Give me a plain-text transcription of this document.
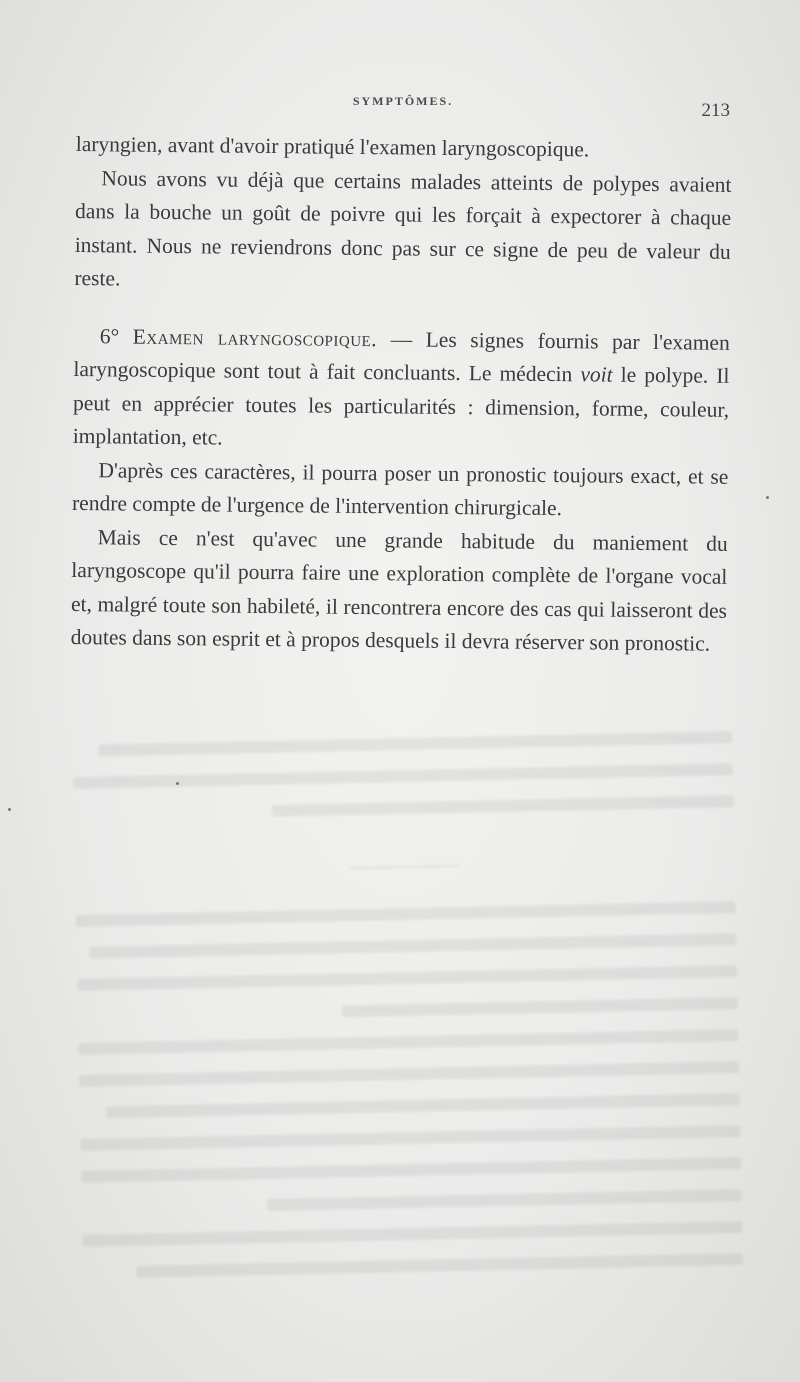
SYMPTÔMES.	213

laryngien, avant d'avoir pratiqué l'examen laryngoscopique.

Nous avons vu déjà que certains malades atteints de polypes avaient dans la bouche un goût de poivre qui les forçait à expectorer à chaque instant. Nous ne reviendrons donc pas sur ce signe de peu de valeur du reste.

6° Examen laryngoscopique. — Les signes fournis par l'examen laryngoscopique sont tout à fait concluants. Le médecin voit le polype. Il peut en apprécier toutes les particularités : dimension, forme, couleur, implantation, etc.

D'après ces caractères, il pourra poser un pronostic toujours exact, et se rendre compte de l'urgence de l'intervention chirurgicale.

Mais ce n'est qu'avec une grande habitude du maniement du laryngoscope qu'il pourra faire une exploration complète de l'organe vocal et, malgré toute son habileté, il rencontrera encore des cas qui laisseront des doutes dans son esprit et à propos desquels il devra réserver son pronostic.
